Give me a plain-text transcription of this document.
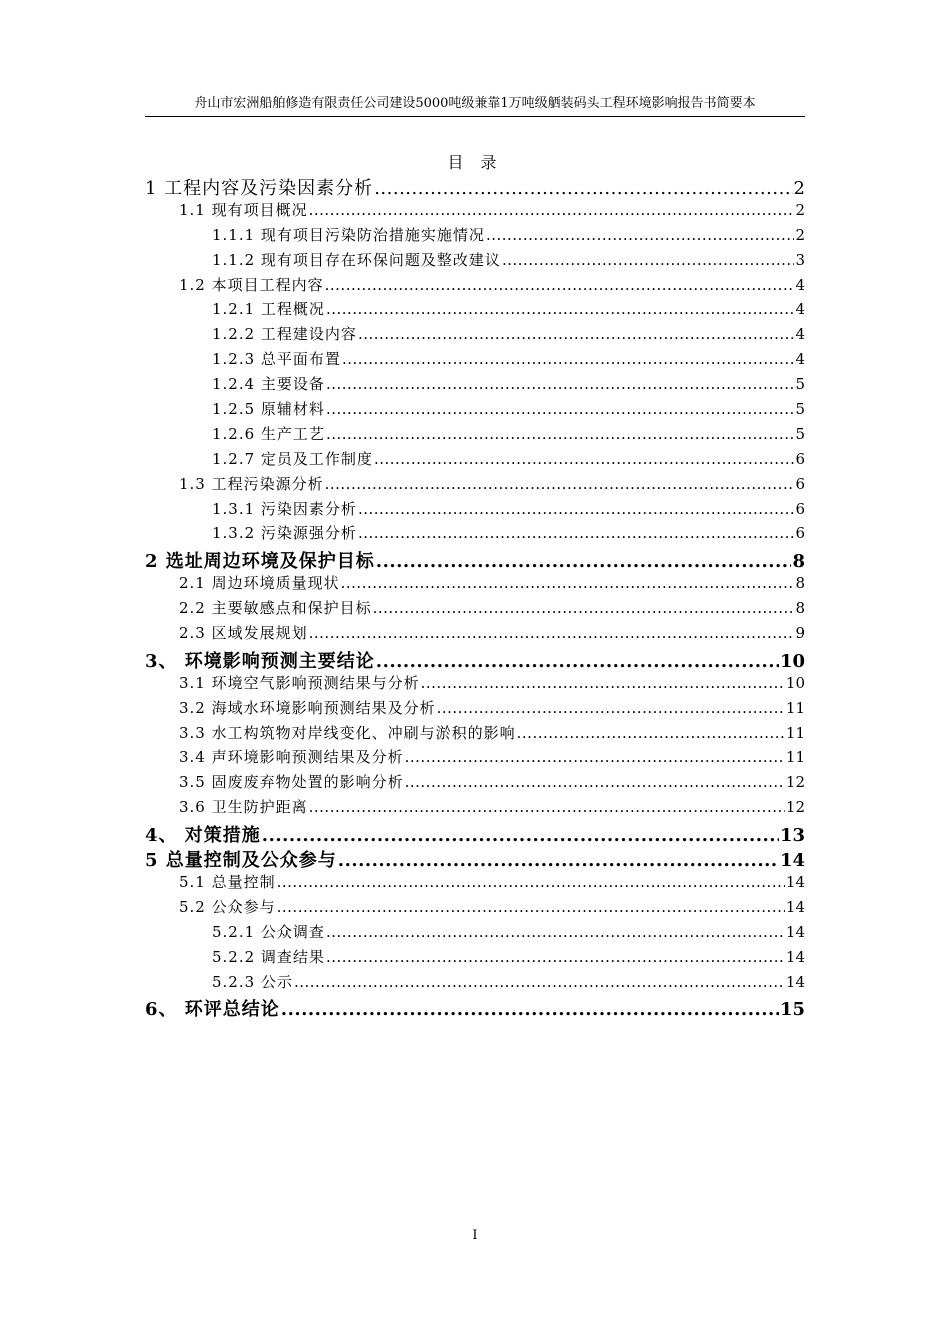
舟山市宏洲船舶修造有限责任公司建设5000吨级兼靠1万吨级舾装码头工程环境影响报告书简要本
目 录
1 工程内容及污染因素分析 .....	2
1.1 现有项目概况 .....	2
1.1.1 现有项目污染防治措施实施情况 .....	2
1.1.2 现有项目存在环保问题及整改建议 .....	3
1.2 本项目工程内容 .....	4
1.2.1 工程概况 .....	4
1.2.2 工程建设内容 .....	4
1.2.3 总平面布置 .....	4
1.2.4 主要设备 .....	5
1.2.5 原辅材料 .....	5
1.2.6 生产工艺 .....	5
1.2.7 定员及工作制度 .....	6
1.3 工程污染源分析 .....	6
1.3.1 污染因素分析 .....	6
1.3.2 污染源强分析 .....	6
2 选址周边环境及保护目标 .....	8
2.1 周边环境质量现状 .....	8
2.2 主要敏感点和保护目标 .....	8
2.3 区域发展规划 .....	9
3、 环境影响预测主要结论 .....	10
3.1 环境空气影响预测结果与分析 .....	10
3.2 海域水环境影响预测结果及分析 .....	11
3.3 水工构筑物对岸线变化、冲刷与淤积的影响 .....	11
3.4 声环境影响预测结果及分析 .....	11
3.5 固废废弃物处置的影响分析 .....	12
3.6 卫生防护距离 .....	12
4、 对策措施 .....	13
5 总量控制及公众参与 .....	14
5.1 总量控制 .....	14
5.2 公众参与 .....	14
5.2.1 公众调查 .....	14
5.2.2 调查结果 .....	14
5.2.3 公示 .....	14
6、 环评总结论 .....	15
I
